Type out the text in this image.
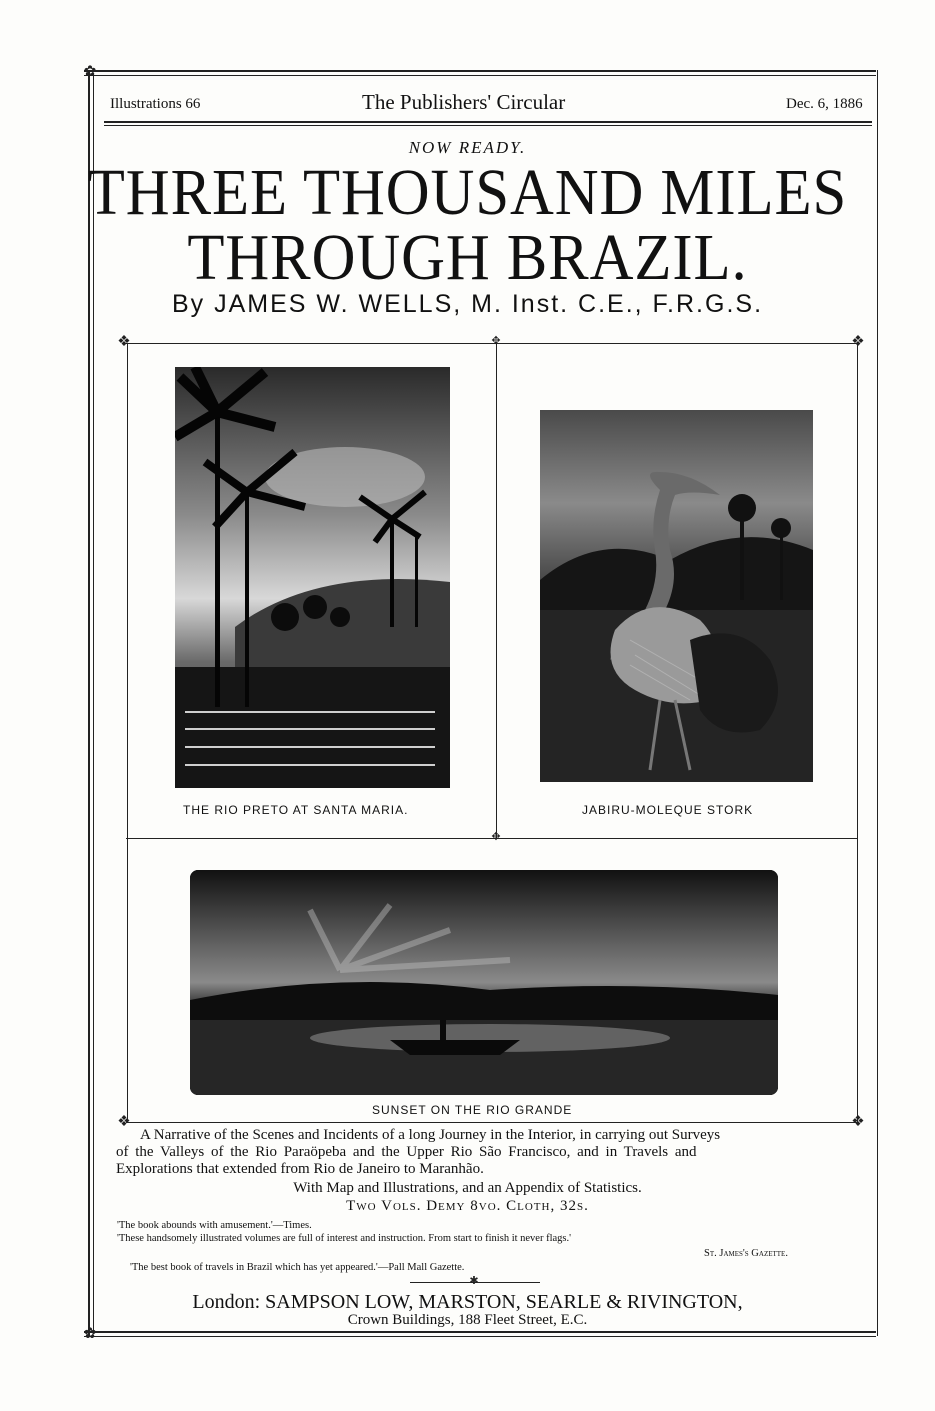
✿
✿
Illustrations 66	The Publishers' Circular	Dec. 6, 1886
NOW READY.
THREE THOUSAND MILES
THROUGH BRAZIL.
By JAMES W. WELLS, M. Inst. C.E., F.R.G.S.
❖	❖
❖	❖
✥
✥
THE RIO PRETO AT SANTA MARIA.	JABIRU-MOLEQUE STORK
SUNSET ON THE RIO GRANDE
A Narrative of the Scenes and Incidents of a long Journey in the Interior, in carrying out Surveys
of the Valleys of the Rio Paraöpeba and the Upper Rio São Francisco, and in Travels and
Explorations that extended from Rio de Janeiro to Maranhão.
With Map and Illustrations, and an Appendix of Statistics.
Two Vols. Demy 8vo. Cloth, 32s.
'The book abounds with amusement.'—Times.
'These handsomely illustrated volumes are full of interest and instruction. From start to finish it never flags.'
St. James's Gazette.
'The best book of travels in Brazil which has yet appeared.'—Pall Mall Gazette.
✱
London: SAMPSON LOW, MARSTON, SEARLE & RIVINGTON,
Crown Buildings, 188 Fleet Street, E.C.
